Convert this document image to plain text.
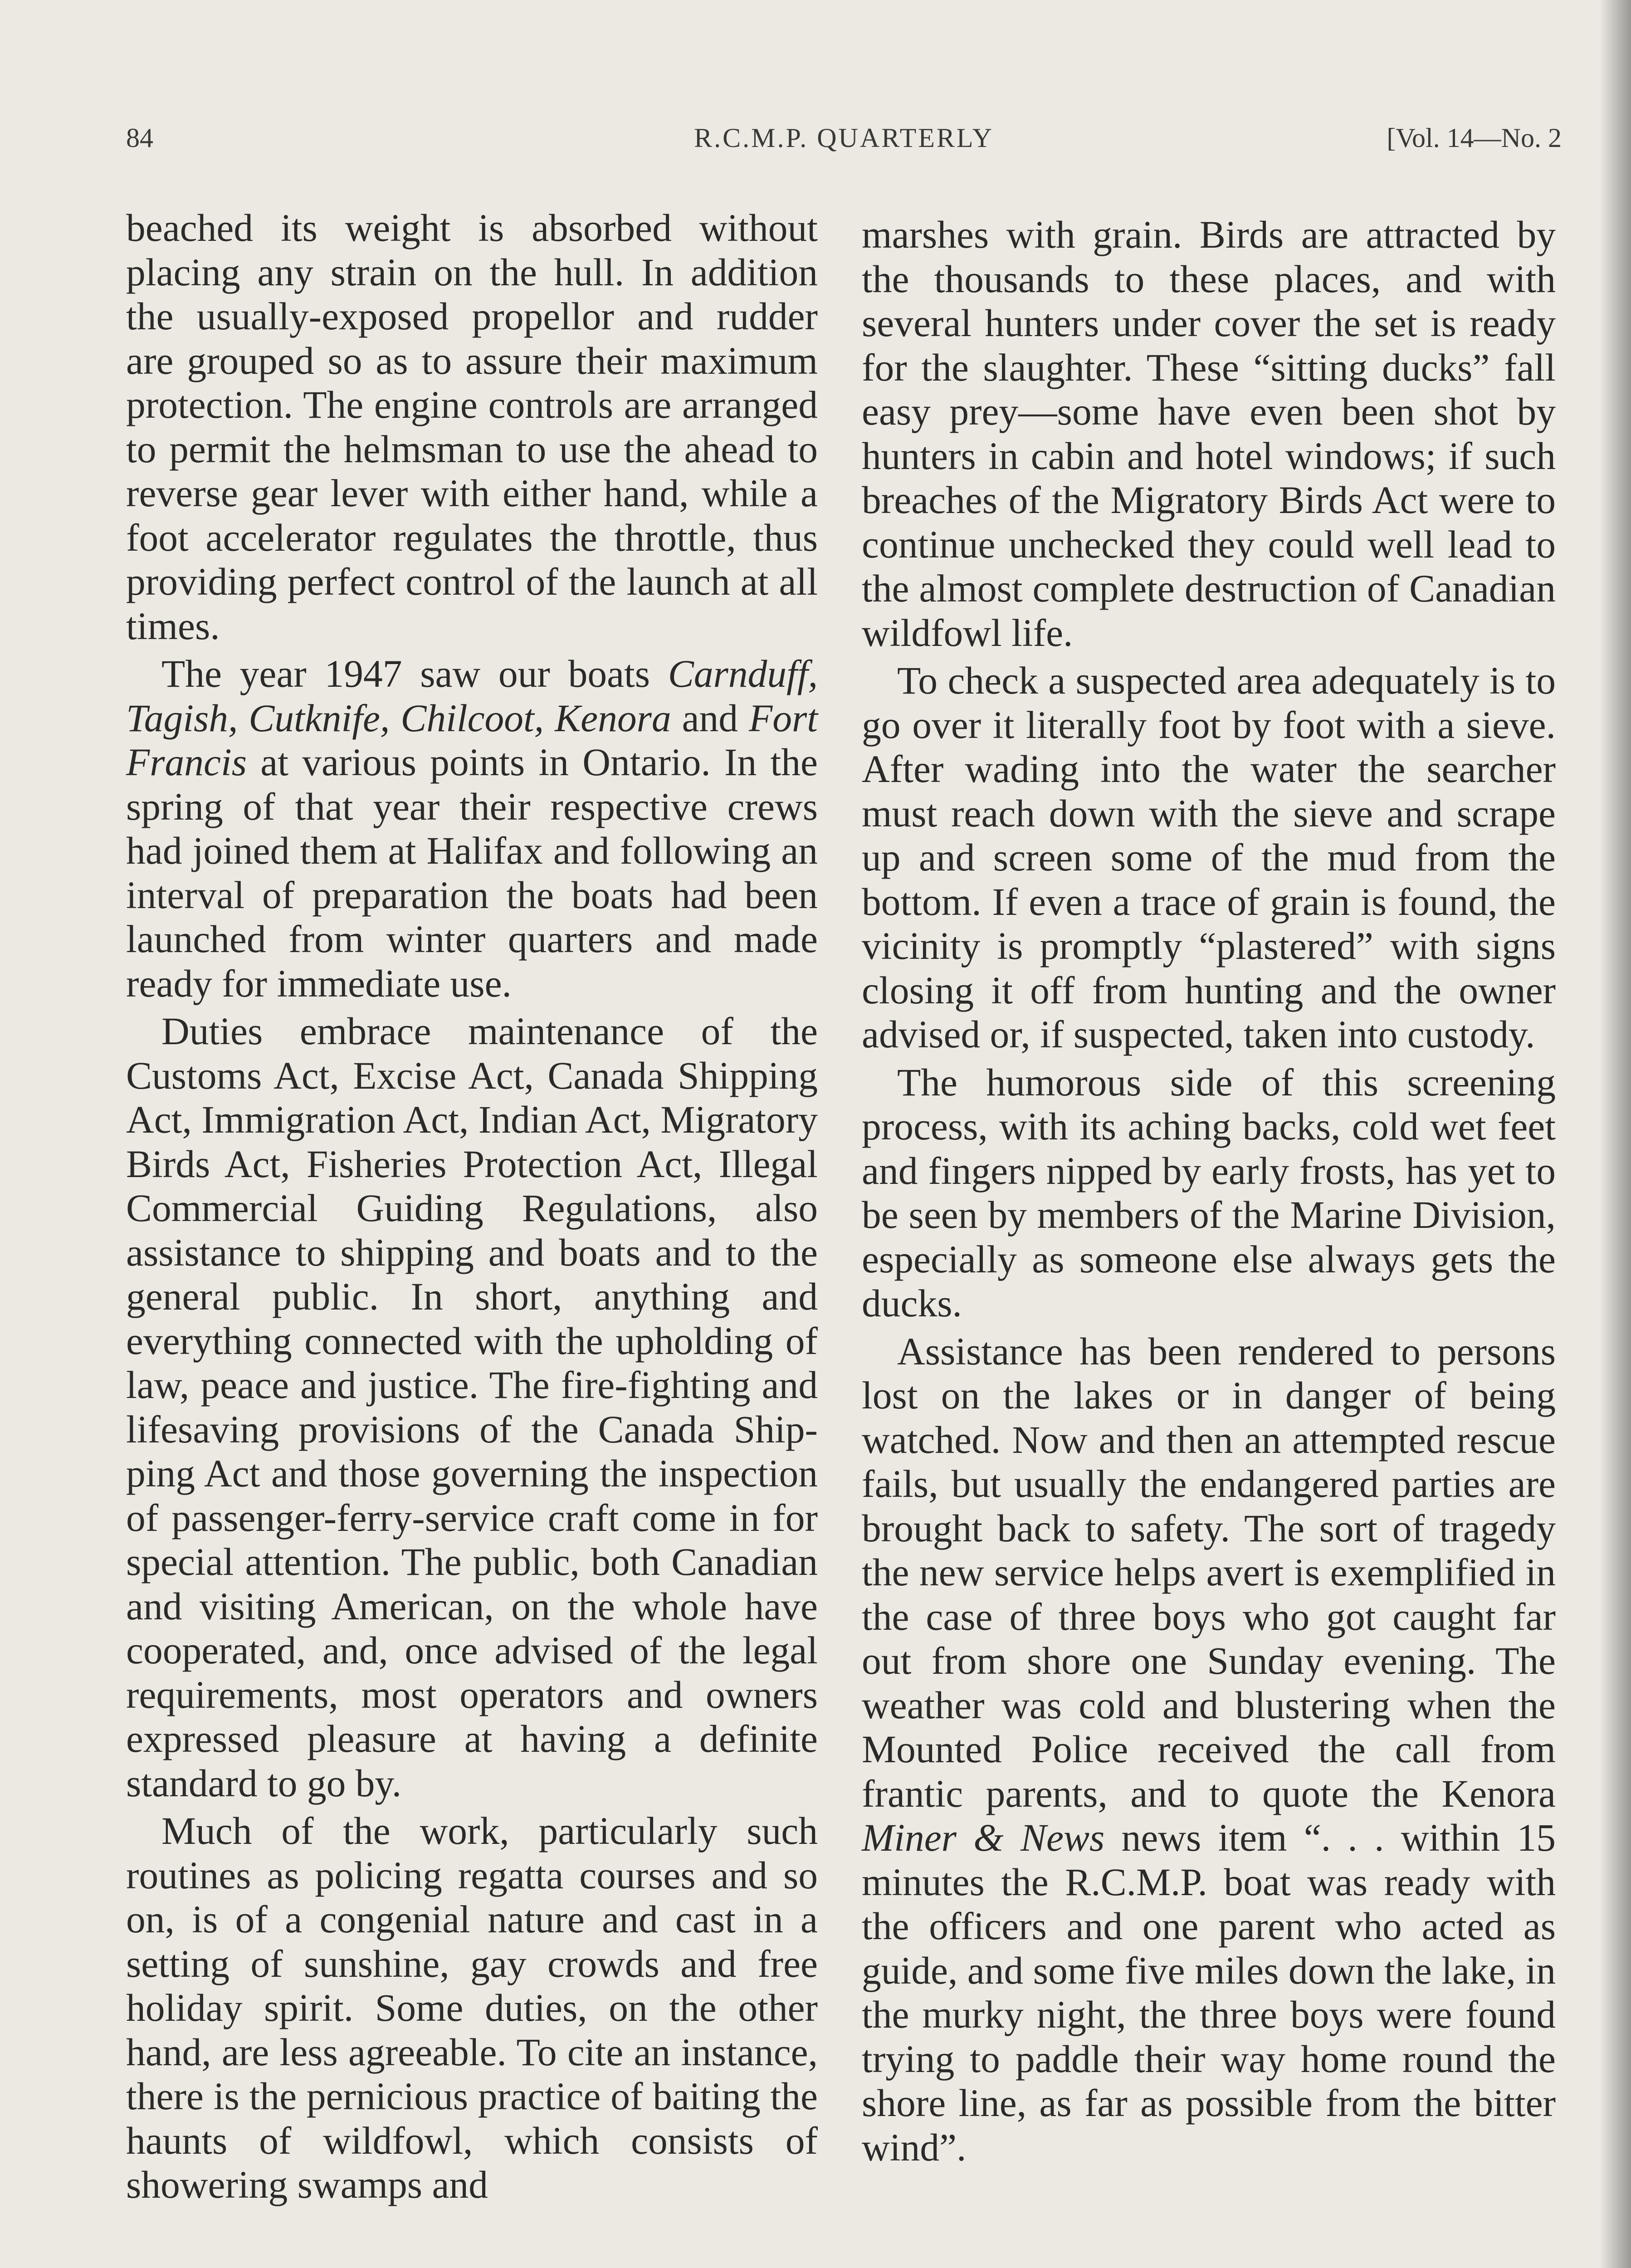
84	R.C.M.P. QUARTERLY	[Vol. 14—No. 2

beached its weight is absorbed without placing any strain on the hull. In addition the usually-exposed propellor and rudder are grouped so as to assure their maximum protection. The engine controls are arranged to permit the helmsman to use the ahead to reverse gear lever with either hand, while a foot accelerator regulates the throttle, thus providing perfect control of the launch at all times.

The year 1947 saw our boats Carnduff, Tagish, Cutknife, Chilcoot, Kenora and Fort Francis at various points in Ontario. In the spring of that year their respective crews had joined them at Halifax and following an interval of preparation the boats had been launched from winter quarters and made ready for immediate use.

Duties embrace maintenance of the Customs Act, Excise Act, Canada Shipping Act, Immigration Act, Indian Act, Migratory Birds Act, Fisheries Protection Act, Illegal Commercial Guiding Regulations, also assistance to shipping and boats and to the general public. In short, anything and everything connected with the upholding of law, peace and justice. The fire-fighting and lifesaving provisions of the Canada Shipping Act and those governing the inspection of passenger-ferry-service craft come in for special attention. The public, both Canadian and visiting American, on the whole have cooperated, and, once advised of the legal requirements, most operators and owners expressed pleasure at having a definite standard to go by.

Much of the work, particularly such routines as policing regatta courses and so on, is of a congenial nature and cast in a setting of sunshine, gay crowds and free holiday spirit. Some duties, on the other hand, are less agreeable. To cite an instance, there is the pernicious practice of baiting the haunts of wildfowl, which consists of showering swamps and

marshes with grain. Birds are attracted by the thousands to these places, and with several hunters under cover the set is ready for the slaughter. These “sitting ducks” fall easy prey—some have even been shot by hunters in cabin and hotel windows; if such breaches of the Migratory Birds Act were to continue unchecked they could well lead to the almost complete destruction of Canadian wildfowl life.

To check a suspected area adequately is to go over it literally foot by foot with a sieve. After wading into the water the searcher must reach down with the sieve and scrape up and screen some of the mud from the bottom. If even a trace of grain is found, the vicinity is promptly “plastered” with signs closing it off from hunting and the owner advised or, if suspected, taken into custody.

The humorous side of this screening process, with its aching backs, cold wet feet and fingers nipped by early frosts, has yet to be seen by members of the Marine Division, especially as someone else always gets the ducks.

Assistance has been rendered to persons lost on the lakes or in danger of being watched. Now and then an attempted rescue fails, but usually the endangered parties are brought back to safety. The sort of tragedy the new service helps avert is exemplified in the case of three boys who got caught far out from shore one Sunday evening. The weather was cold and blustering when the Mounted Police received the call from frantic parents, and to quote the Kenora Miner & News news item “. . . within 15 minutes the R.C.M.P. boat was ready with the officers and one parent who acted as guide, and some five miles down the lake, in the murky night, the three boys were found trying to paddle their way home round the shore line, as far as possible from the bitter wind”.
